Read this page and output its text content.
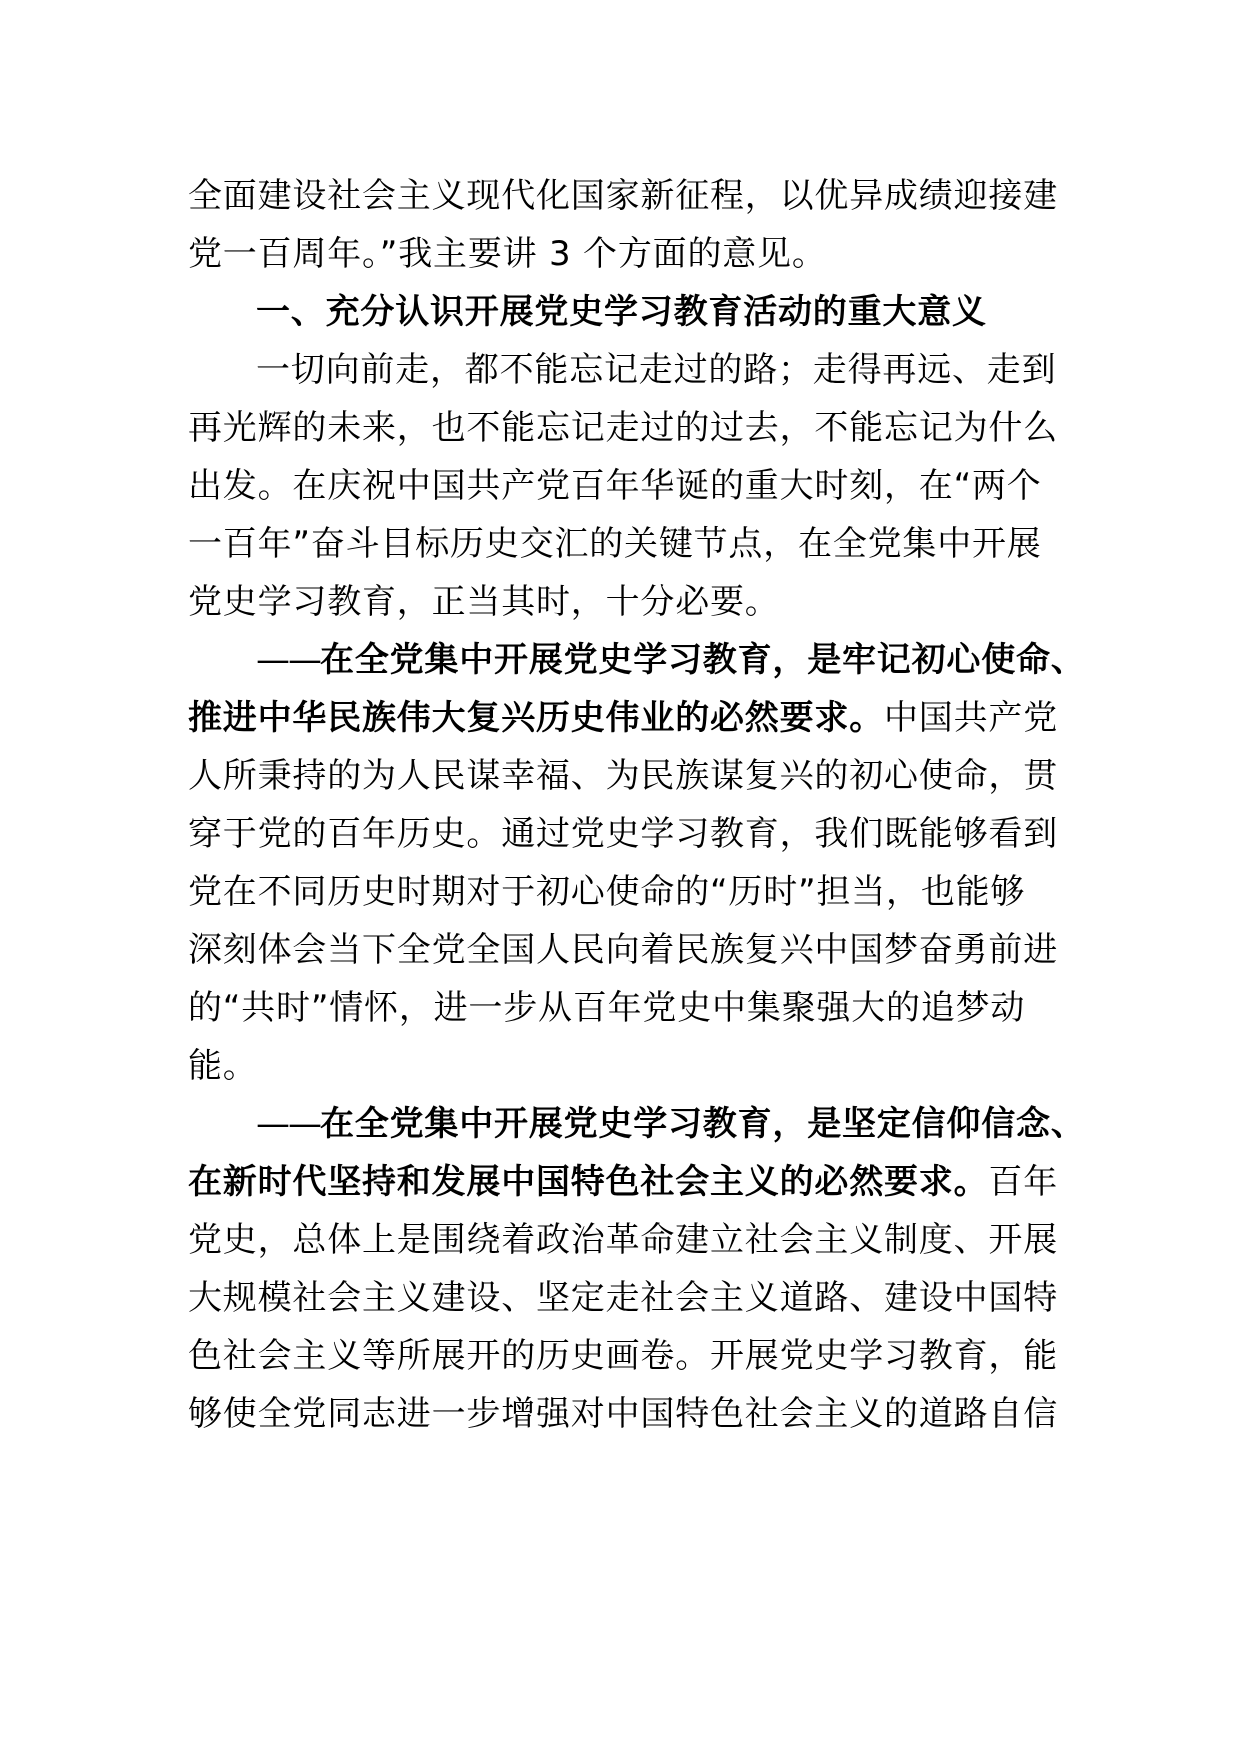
全面建设社会主义现代化国家新征程，以优异成绩迎接建
党一百周年。”我主要讲 3 个方面的意见。
一、充分认识开展党史学习教育活动的重大意义
一切向前走，都不能忘记走过的路；走得再远、走到
再光辉的未来，也不能忘记走过的过去，不能忘记为什么
出发。在庆祝中国共产党百年华诞的重大时刻，在“两个
一百年”奋斗目标历史交汇的关键节点，在全党集中开展
党史学习教育，正当其时，十分必要。
——在全党集中开展党史学习教育，是牢记初心使命、
推进中华民族伟大复兴历史伟业的必然要求。中国共产党
人所秉持的为人民谋幸福、为民族谋复兴的初心使命，贯
穿于党的百年历史。通过党史学习教育，我们既能够看到
党在不同历史时期对于初心使命的“历时”担当，也能够
深刻体会当下全党全国人民向着民族复兴中国梦奋勇前进
的“共时”情怀，进一步从百年党史中集聚强大的追梦动
能。
——在全党集中开展党史学习教育，是坚定信仰信念、
在新时代坚持和发展中国特色社会主义的必然要求。百年
党史，总体上是围绕着政治革命建立社会主义制度、开展
大规模社会主义建设、坚定走社会主义道路、建设中国特
色社会主义等所展开的历史画卷。开展党史学习教育，能
够使全党同志进一步增强对中国特色社会主义的道路自信
